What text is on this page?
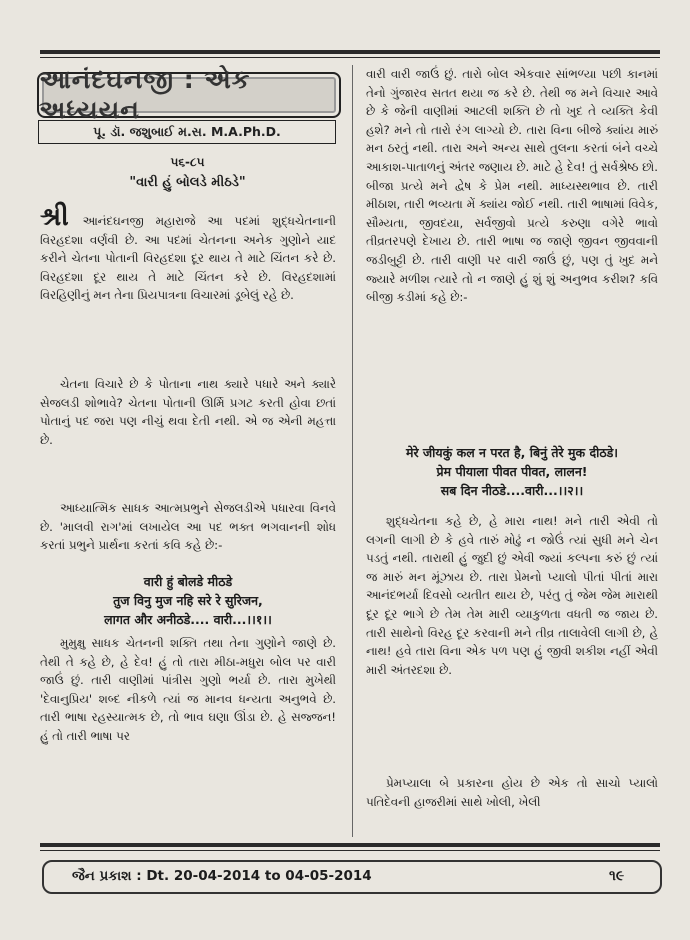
આનંદઘનજી : એક અધ્યયન
પૂ. ડૉ. જશુબાઈ મ.સ. M.A.Ph.D.
૫૬-૮૫
"વારી હું બોલડે મીઠડે"
શ્રી આનંદઘનજી મહારાજે આ પદમાં શુદ્ધચેતનાની વિરહદશા વર્ણવી છે. આ પદમાં ચેતનના અનેક ગુણોને યાદ કરીને ચેતના પોતાની વિરહદશા દૂર થાય તે માટે ચિંતન કરે છે. વિરહદશા દૂર થાય તે માટે ચિંતન કરે છે. વિરહદશામાં વિરહિણીનું મન તેના પ્રિયપાત્રના વિચારમાં ડૂબેલું રહે છે.
ચેતના વિચારે છે કે પોતાના નાથ ક્યારે પધારે અને ક્યારે સેજલડી શોભાવે? ચેતના પોતાની ઊર્મિ પ્રગટ કરતી હોવા છતાં પોતાનું પદ જરા પણ નીચું થવા દેતી નથી. એ જ એની મહત્તા છે.
આધ્યાત્મિક સાધક આત્મપ્રભુને સેજલડીએ પધારવા વિનવે છે. 'માલવી રાગ'માં લખાયેલ આ પદ ભક્ત ભગવાનની શોધ કરતાં પ્રભુને પ્રાર્થના કરતાં કવિ કહે છે:-
वारी हुं बोलडे मीठडे
तुज विनु मुज नहि सरे रे सुरिजन,
लागत और अनीठडे.... वारी...।।१।।
મુમુક્ષુ સાધક ચેતનની શક્તિ તથા તેના ગુણોને જાણે છે. તેથી તે કહે છે, હે દેવ! હું તો તારા મીઠા-મધુરા બોલ પર વારી જાઉં છું. તારી વાણીમાં પાંત્રીસ ગુણો ભર્યા છે. તારા મુખેથી 'દેવાનુપ્રિય' શબ્દ નીકળે ત્યાં જ માનવ ધન્યતા અનુભવે છે. તારી ભાષા રહસ્યાત્મક છે, તો ભાવ ઘણા ઊંડા છે. હે સજ્જન! હું તો તારી ભાષા પર
વારી વારી જાઉં છું. તારો બોલ એકવાર સાંભળ્યા પછી કાનમાં તેનો ગુંજારવ સતત થયા જ કરે છે. તેથી જ મને વિચાર આવે છે કે જેની વાણીમાં આટલી શક્તિ છે તો ખુદ તે વ્યક્તિ કેવી હશે? મને તો તારો રંગ લાગ્યો છે. તારા વિના બીજે ક્યાંય મારું મન ઠરતું નથી. તારા અને અન્ય સાથે તુલના કરતાં બંને વચ્ચે આકાશ-પાતાળનું અંતર જણાય છે. માટે હે દેવ! તું સર્વશ્રેષ્ઠ છો. બીજા પ્રત્યે મને દ્વેષ કે પ્રેમ નથી. માધ્યસ્થભાવ છે. તારી મીઠાશ, તારી ભવ્યતા મેં ક્યાંય જોઈ નથી. તારી ભાષામાં વિવેક, સૌમ્યતા, જીવદયા, સર્વજીવો પ્રત્યે કરુણા વગેરે ભાવો તીવ્રતરપણે દેખાય છે. તારી ભાષા જ જાણે જીવન જીવવાની જડીબુટ્ટી છે. તારી વાણી પર વારી જાઉં છું, પણ તું ખુદ મને જ્યારે મળીશ ત્યારે તો ન જાણે હું શું શું અનુભવ કરીશ? કવિ બીજી કડીમાં કહે છે:-
मेरे जीयकुं कल न परत है, बिनुं तेरे मुक दीठडे।
प्रेम पीयाला पीवत पीवत, लालन!
सब दिन नीठडे....वारी...।।२।।
શુદ્ધચેતના કહે છે, હે મારા નાથ! મને તારી એવી તો લગની લાગી છે કે હવે તારું મોઢું ન જોઉં ત્યાં સુધી મને ચેન પડતું નથી. તારાથી હું જુદી છું એવી જ્યાં કલ્પના કરું છું ત્યાં જ મારું મન મૂંઝાય છે. તારા પ્રેમનો પ્યાલો પીતાં પીતાં મારા આનંદભર્યા દિવસો વ્યતીત થાય છે, પરંતુ તું જેમ જેમ મારાથી દૂર દૂર ભાગે છે તેમ તેમ મારી વ્યાકુળતા વધતી જ જાય છે. તારી સાથેનો વિરહ દૂર કરવાની મને તીવ્ર તાલાવેલી લાગી છે, હે નાથ! હવે તારા વિના એક પળ પણ હું જીવી શકીશ નહીં એવી મારી અંતરદશા છે.
પ્રેમપ્યાલા બે પ્રકારના હોય છે એક તો સાચો પ્યાલો પતિદેવની હાજરીમાં સાથે ખોલી, ખેલી
જૈન પ્રકાશ : Dt. 20-04-2014 to 04-05-2014	૧૯
